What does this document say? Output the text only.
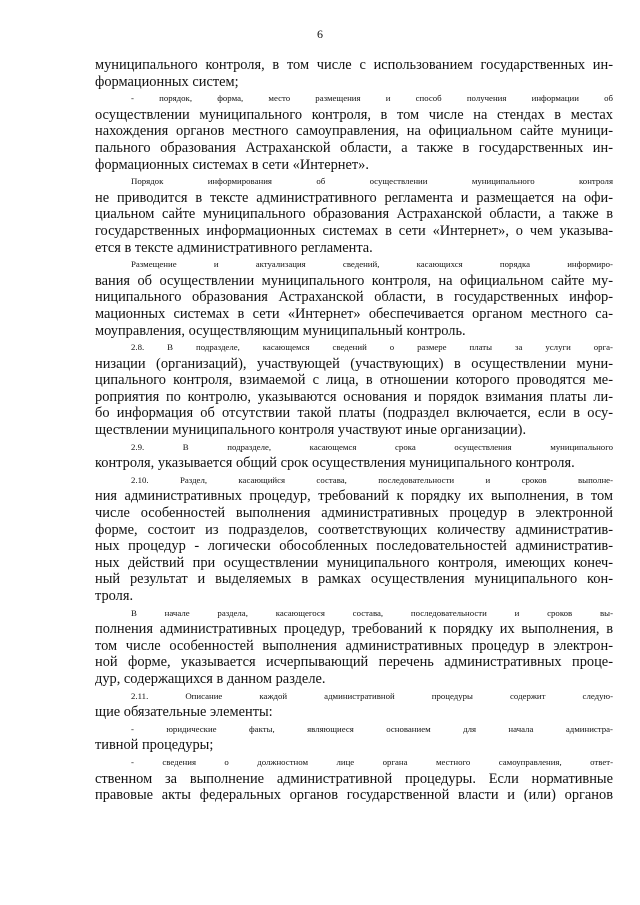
6
муниципального контроля, в том числе с использованием государственных ин-
формационных систем;
- порядок, форма, место размещения и способ получения информации об
осуществлении муниципального контроля, в том числе на стендах в местах
нахождения органов местного самоуправления, на официальном сайте муници-
пального образования Астраханской области, а также в государственных ин-
формационных системах в сети «Интернет».
Порядок информирования об осуществлении муниципального контроля
не приводится в тексте административного регламента и размещается на офи-
циальном сайте муниципального образования Астраханской области, а также в
государственных информационных системах в сети «Интернет», о чем указыва-
ется в тексте административного регламента.
Размещение и актуализация сведений, касающихся порядка информиро-
вания об осуществлении муниципального контроля, на официальном сайте му-
ниципального образования Астраханской области, в государственных инфор-
мационных системах в сети «Интернет» обеспечивается органом местного са-
моуправления, осуществляющим муниципальный контроль.
2.8. В подразделе, касающемся сведений о размере платы за услуги орга-
низации (организаций), участвующей (участвующих) в осуществлении муни-
ципального контроля, взимаемой с лица, в отношении которого проводятся ме-
роприятия по контролю, указываются основания и порядок взимания платы ли-
бо информация об отсутствии такой платы (подраздел включается, если в осу-
ществлении муниципального контроля участвуют иные организации).
2.9. В подразделе, касающемся срока осуществления муниципального
контроля, указывается общий срок осуществления муниципального контроля.
2.10. Раздел, касающийся состава, последовательности и сроков выполне-
ния административных процедур, требований к порядку их выполнения, в том
числе особенностей выполнения административных процедур в электронной
форме, состоит из подразделов, соответствующих количеству административ-
ных процедур - логически обособленных последовательностей административ-
ных действий при осуществлении муниципального контроля, имеющих конеч-
ный результат и выделяемых в рамках осуществления муниципального кон-
троля.
В начале раздела, касающегося состава, последовательности и сроков вы-
полнения административных процедур, требований к порядку их выполнения, в
том числе особенностей выполнения административных процедур в электрон-
ной форме, указывается исчерпывающий перечень административных проце-
дур, содержащихся в данном разделе.
2.11. Описание каждой административной процедуры содержит следую-
щие обязательные элементы:
- юридические факты, являющиеся основанием для начала администра-
тивной процедуры;
- сведения о должностном лице органа местного самоуправления, ответ-
ственном за выполнение административной процедуры. Если нормативные
правовые акты федеральных органов государственной власти и (или) органов
